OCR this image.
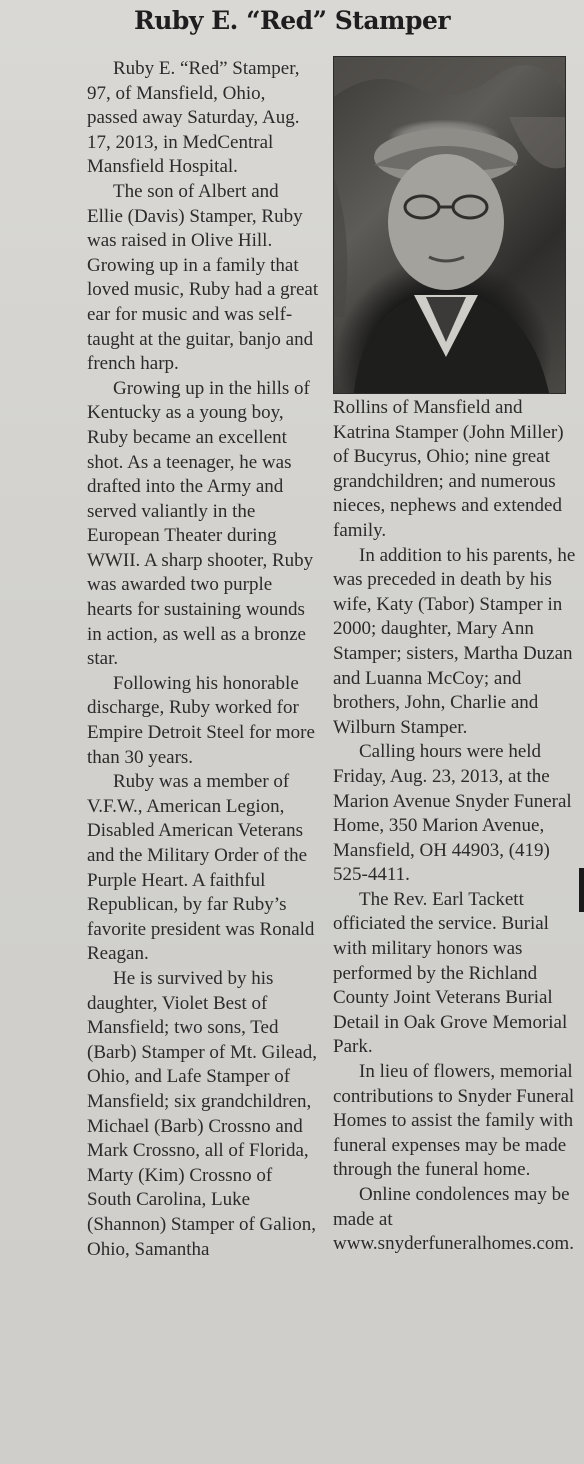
Ruby E. “Red” Stamper

Ruby E. “Red” Stamper, 97, of Mansfield, Ohio, passed away Saturday, Aug. 17, 2013, in MedCentral Mansfield Hospital.

The son of Albert and Ellie (Davis) Stamper, Ruby was raised in Olive Hill. Growing up in a family that loved music, Ruby had a great ear for music and was self-taught at the guitar, banjo and french harp.

Growing up in the hills of Kentucky as a young boy, Ruby became an excellent shot. As a teenager, he was drafted into the Army and served valiantly in the European Theater during WWII. A sharp shooter, Ruby was awarded two purple hearts for sustaining wounds in action, as well as a bronze star.

Following his honorable discharge, Ruby worked for Empire Detroit Steel for more than 30 years.

Ruby was a member of V.F.W., American Legion, Disabled American Veterans and the Military Order of the Purple Heart. A faithful Republican, by far Ruby’s favorite president was Ronald Reagan.

He is survived by his daughter, Violet Best of Mansfield; two sons, Ted (Barb) Stamper of Mt. Gilead, Ohio, and Lafe Stamper of Mansfield; six grandchildren, Michael (Barb) Crossno and Mark Crossno, all of Florida, Marty (Kim) Crossno of South Carolina, Luke (Shannon) Stamper of Galion, Ohio, Samantha

Rollins of Mansfield and Katrina Stamper (John Miller) of Bucyrus, Ohio; nine great grandchildren; and numerous nieces, nephews and extended family.

In addition to his parents, he was preceded in death by his wife, Katy (Tabor) Stamper in 2000; daughter, Mary Ann Stamper; sisters, Martha Duzan and Luanna McCoy; and brothers, John, Charlie and Wilburn Stamper.

Calling hours were held Friday, Aug. 23, 2013, at the Marion Avenue Snyder Funeral Home, 350 Marion Avenue, Mansfield, OH 44903, (419) 525-4411.

The Rev. Earl Tackett officiated the service. Burial with military honors was performed by the Richland County Joint Veterans Burial Detail in Oak Grove Memorial Park.

In lieu of flowers, memorial contributions to Snyder Funeral Homes to assist the family with funeral expenses may be made through the funeral home.

Online condolences may be made at www.snyderfuneralhomes.com.
